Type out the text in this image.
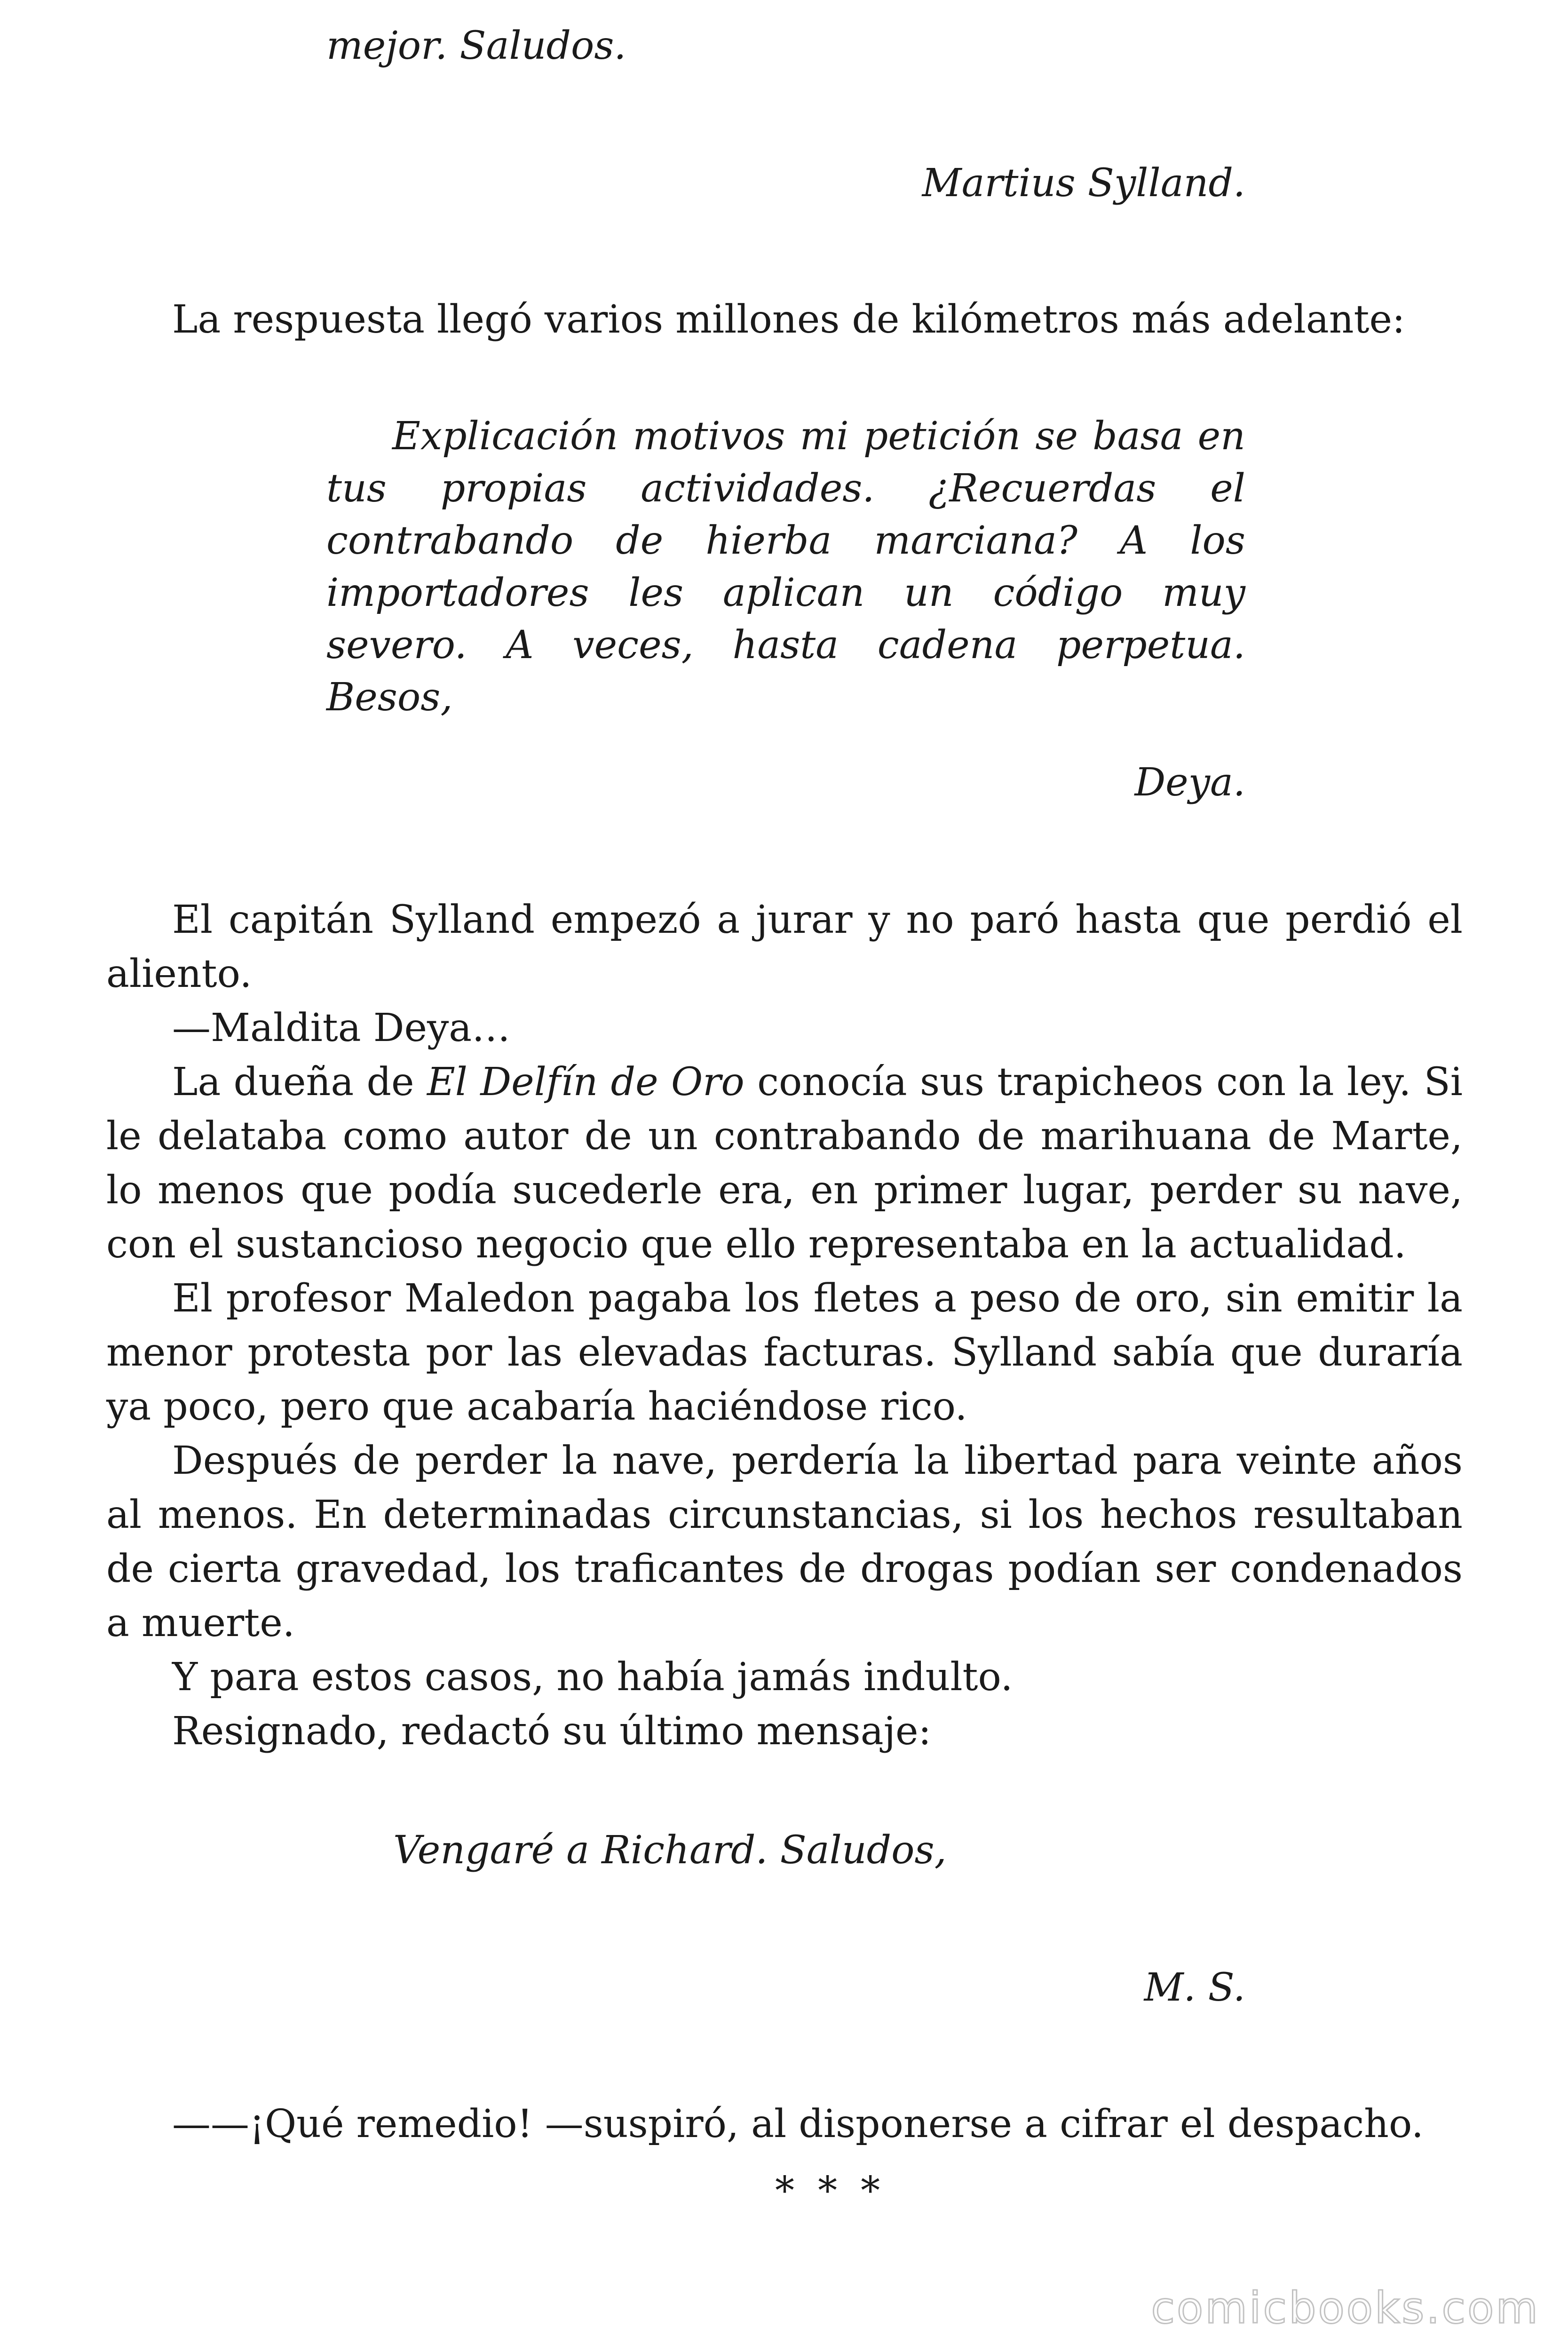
mejor. Saludos.

Martius Sylland.

La respuesta llegó varios millones de kilómetros más adelante:

Explicación motivos mi petición se basa en tus propias actividades. ¿Recuerdas el contrabando de hierba marciana? A los importadores les aplican un código muy severo. A veces, hasta cadena perpetua. Besos,

Deya.

El capitán Sylland empezó a jurar y no paró hasta que perdió el aliento.

—Maldita Deya…

La dueña de El Delfín de Oro conocía sus trapicheos con la ley. Si le delataba como autor de un contrabando de marihuana de Marte, lo menos que podía sucederle era, en primer lugar, perder su nave, con el sustancioso negocio que ello representaba en la actualidad.

El profesor Maledon pagaba los fletes a peso de oro, sin emitir la menor protesta por las elevadas facturas. Sylland sabía que duraría ya poco, pero que acabaría haciéndose rico.

Después de perder la nave, perdería la libertad para veinte años al menos. En determinadas circunstancias, si los hechos resultaban de cierta gravedad, los traficantes de drogas podían ser condenados a muerte.

Y para estos casos, no había jamás indulto.

Resignado, redactó su último mensaje:

Vengaré a Richard. Saludos,

M. S.

——¡Qué remedio! —suspiró, al disponerse a cifrar el despacho.

* * *

comicbooks.com
